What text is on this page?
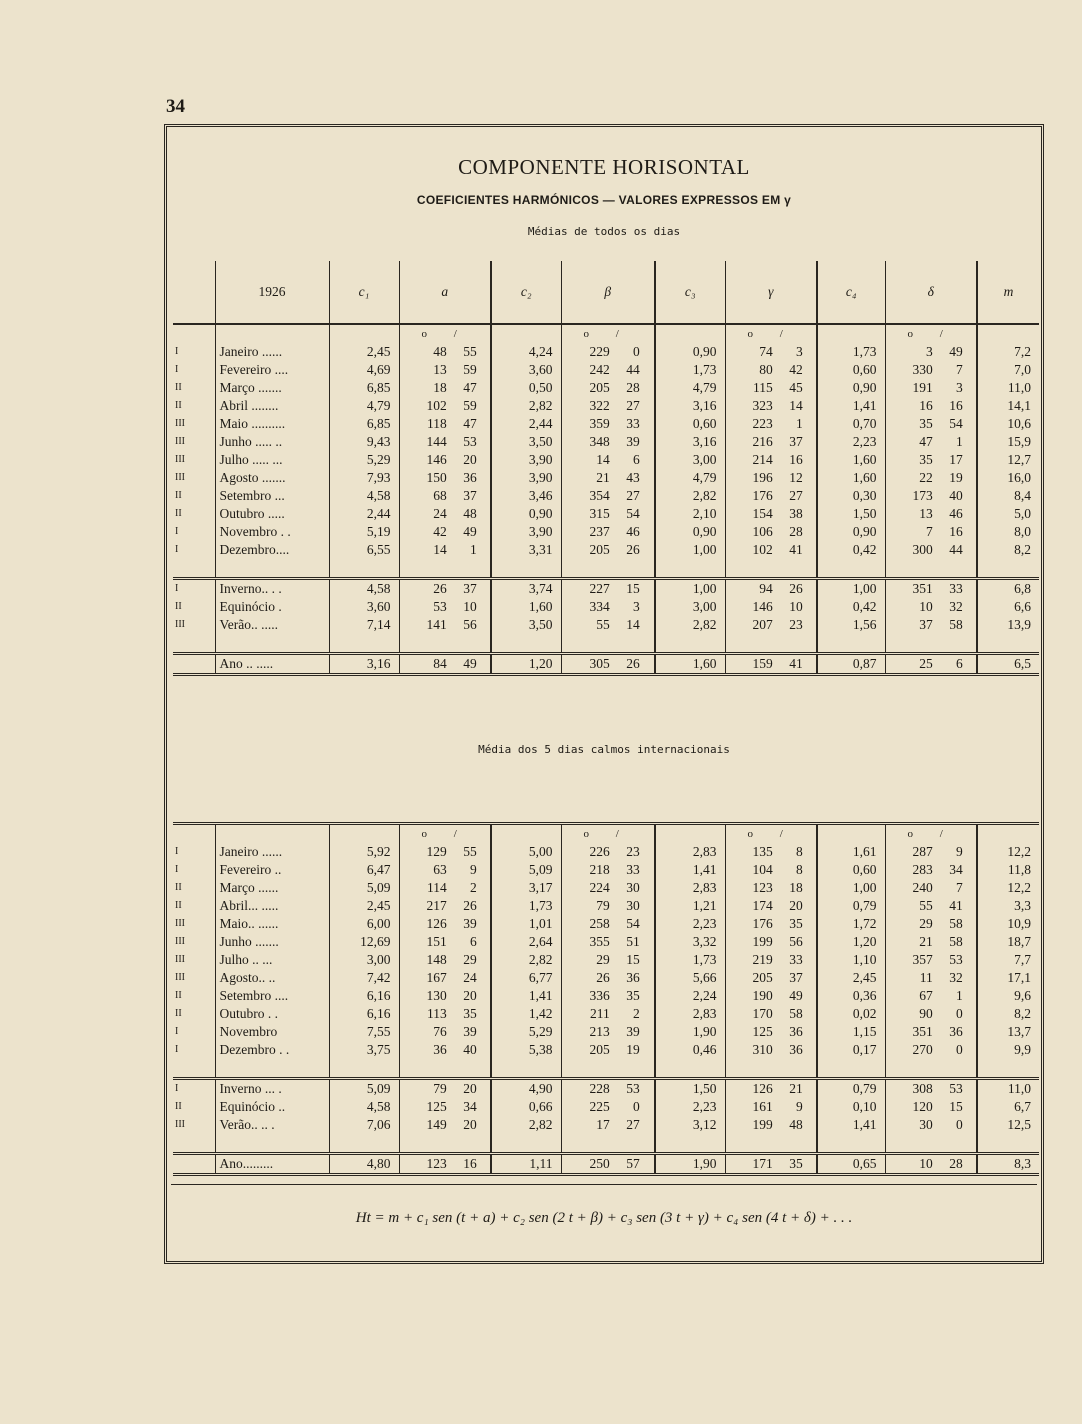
34
COMPONENTE HORISONTAL
COEFICIENTES HARMÓNICOS — VALORES EXPRESSOS EM γ
Médias de todos os dias
	1926	c₁	a	c₂	β	c₃	γ	c₄	δ	m
			o /		o /		o /		o /	
I	Janeiro ......	2,45	48 55	4,24	229 0	0,90	74 3	1,73	3 49	7,2
I	Fevereiro ....	4,69	13 59	3,60	242 44	1,73	80 42	0,60	330 7	7,0
II	Março .......	6,85	18 47	0,50	205 28	4,79	115 45	0,90	191 3	11,0
II	Abril ........	4,79	102 59	2,82	322 27	3,16	323 14	1,41	16 16	14,1
III	Maio ..........	6,85	118 47	2,44	359 33	0,60	223 1	0,70	35 54	10,6
III	Junho ..... ..	9,43	144 53	3,50	348 39	3,16	216 37	2,23	47 1	15,9
III	Julho ..... ...	5,29	146 20	3,90	14 6	3,00	214 16	1,60	35 17	12,7
III	Agosto .......	7,93	150 36	3,90	21 43	4,79	196 12	1,60	22 19	16,0
II	Setembro ...	4,58	68 37	3,46	354 27	2,82	176 27	0,30	173 40	8,4
II	Outubro .....	2,44	24 48	0,90	315 54	2,10	154 38	1,50	13 46	5,0
I	Novembro . .	5,19	42 49	3,90	237 46	0,90	106 28	0,90	7 16	8,0
I	Dezembro....	6,55	14 1	3,31	205 26	1,00	102 41	0,42	300 44	8,2

I	Inverno.. . .	4,58	26 37	3,74	227 15	1,00	94 26	1,00	351 33	6,8
II	Equinócio .	3,60	53 10	1,60	334 3	3,00	146 10	0,42	10 32	6,6
III	Verão.. .....	7,14	141 56	3,50	55 14	2,82	207 23	1,56	37 58	13,9

	Ano .. .....	3,16	84 49	1,20	305 26	1,60	159 41	0,87	25 6	6,5
Média dos 5 dias calmos internacionais
			o /		o /		o /		o /	
I	Janeiro ......	5,92	129 55	5,00	226 23	2,83	135 8	1,61	287 9	12,2
I	Fevereiro ..	6,47	63 9	5,09	218 33	1,41	104 8	0,60	283 34	11,8
II	Março ......	5,09	114 2	3,17	224 30	2,83	123 18	1,00	240 7	12,2
II	Abril... .....	2,45	217 26	1,73	79 30	1,21	174 20	0,79	55 41	3,3
III	Maio.. ......	6,00	126 39	1,01	258 54	2,23	176 35	1,72	29 58	10,9
III	Junho .......	12,69	151 6	2,64	355 51	3,32	199 56	1,20	21 58	18,7
III	Julho .. ...	3,00	148 29	2,82	29 15	1,73	219 33	1,10	357 53	7,7
III	Agosto.. ..	7,42	167 24	6,77	26 36	5,66	205 37	2,45	11 32	17,1
II	Setembro ....	6,16	130 20	1,41	336 35	2,24	190 49	0,36	67 1	9,6
II	Outubro . .	6,16	113 35	1,42	211 2	2,83	170 58	0,02	90 0	8,2
I	Novembro	7,55	76 39	5,29	213 39	1,90	125 36	1,15	351 36	13,7
I	Dezembro . .	3,75	36 40	5,38	205 19	0,46	310 36	0,17	270 0	9,9

I	Inverno ... .	5,09	79 20	4,90	228 53	1,50	126 21	0,79	308 53	11,0
II	Equinócio ..	4,58	125 34	0,66	225 0	2,23	161 9	0,10	120 15	6,7
III	Verão.. .. .	7,06	149 20	2,82	17 27	3,12	199 48	1,41	30 0	12,5

	Ano.........	4,80	123 16	1,11	250 57	1,90	171 35	0,65	10 28	8,3
Ht = m + c₁ sen (t + a) + c₂ sen (2 t + β) + c₃ sen (3 t + γ) + c₄ sen (4 t + δ) + . . .
